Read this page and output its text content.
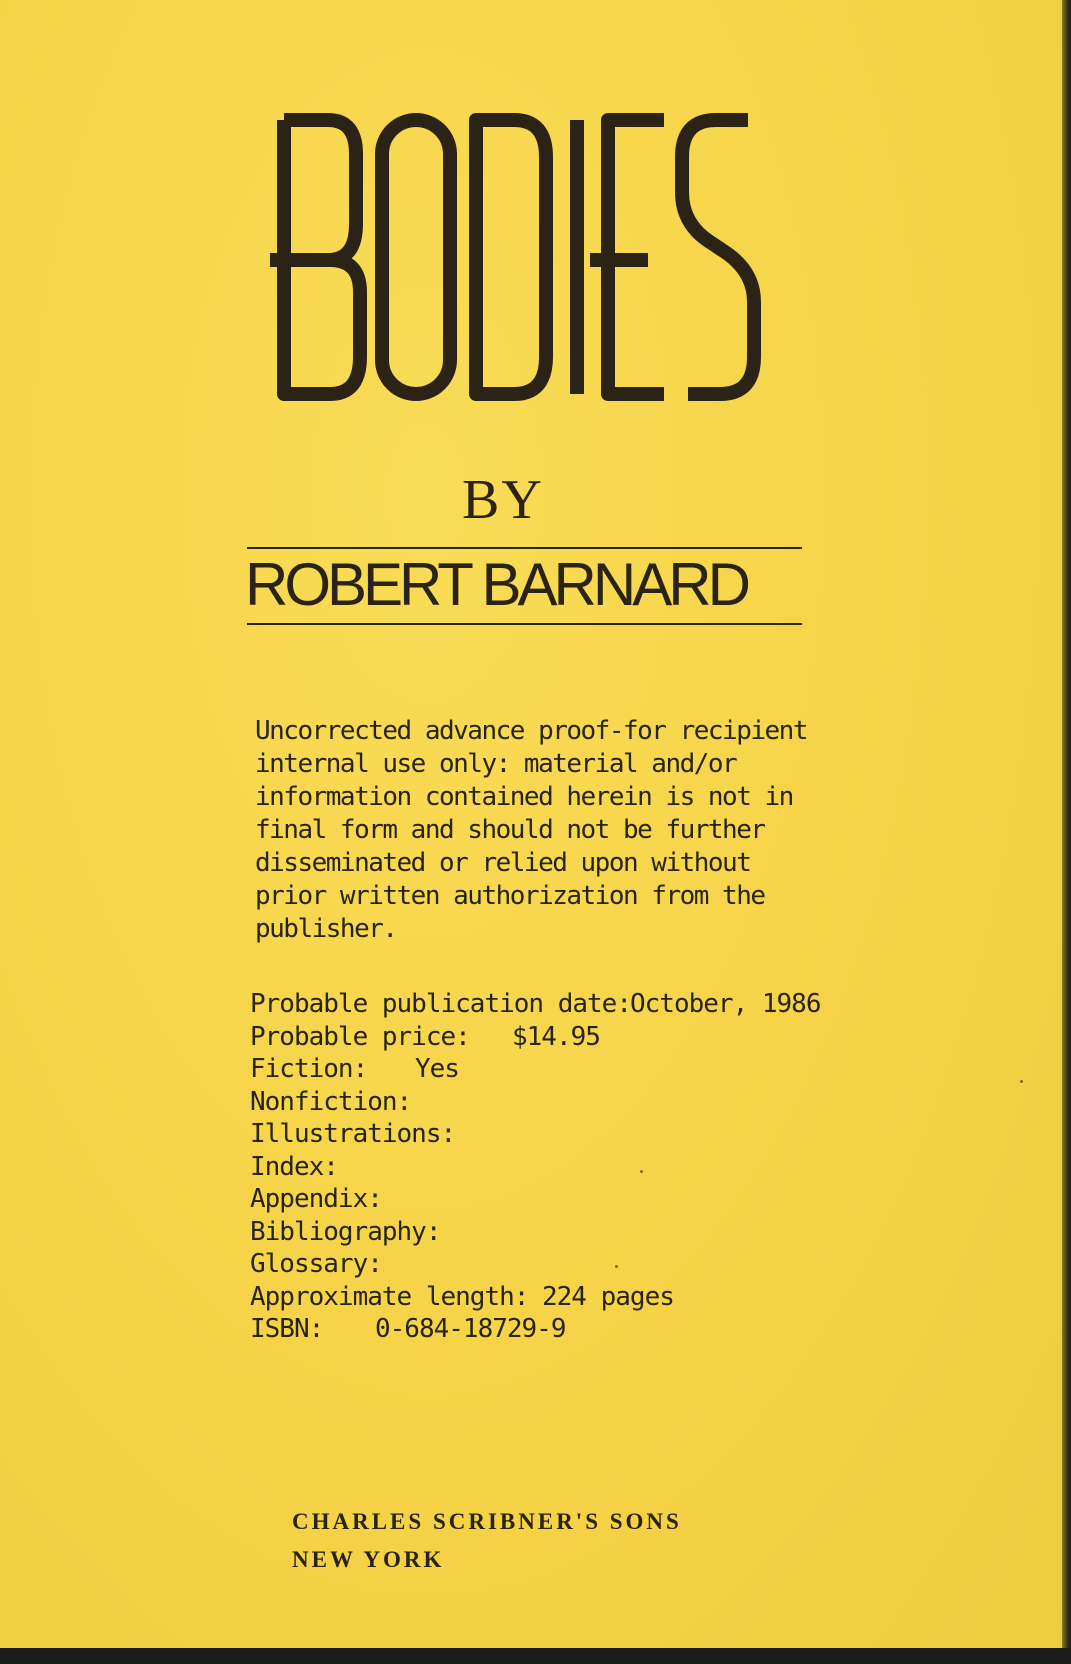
BY
ROBERT BARNARD
Uncorrected advance proof-for recipient
internal use only: material and/or
information contained herein is not in
final form and should not be further
disseminated or relied upon without
prior written authorization from the
publisher.
Probable publication date: October, 1986
Probable price: $14.95
Fiction: Yes
Nonfiction:
Illustrations:
Index:
Appendix:
Bibliography:
Glossary:
Approximate length: 224 pages
ISBN: 0-684-18729-9
CHARLES SCRIBNER'S SONS
NEW YORK
